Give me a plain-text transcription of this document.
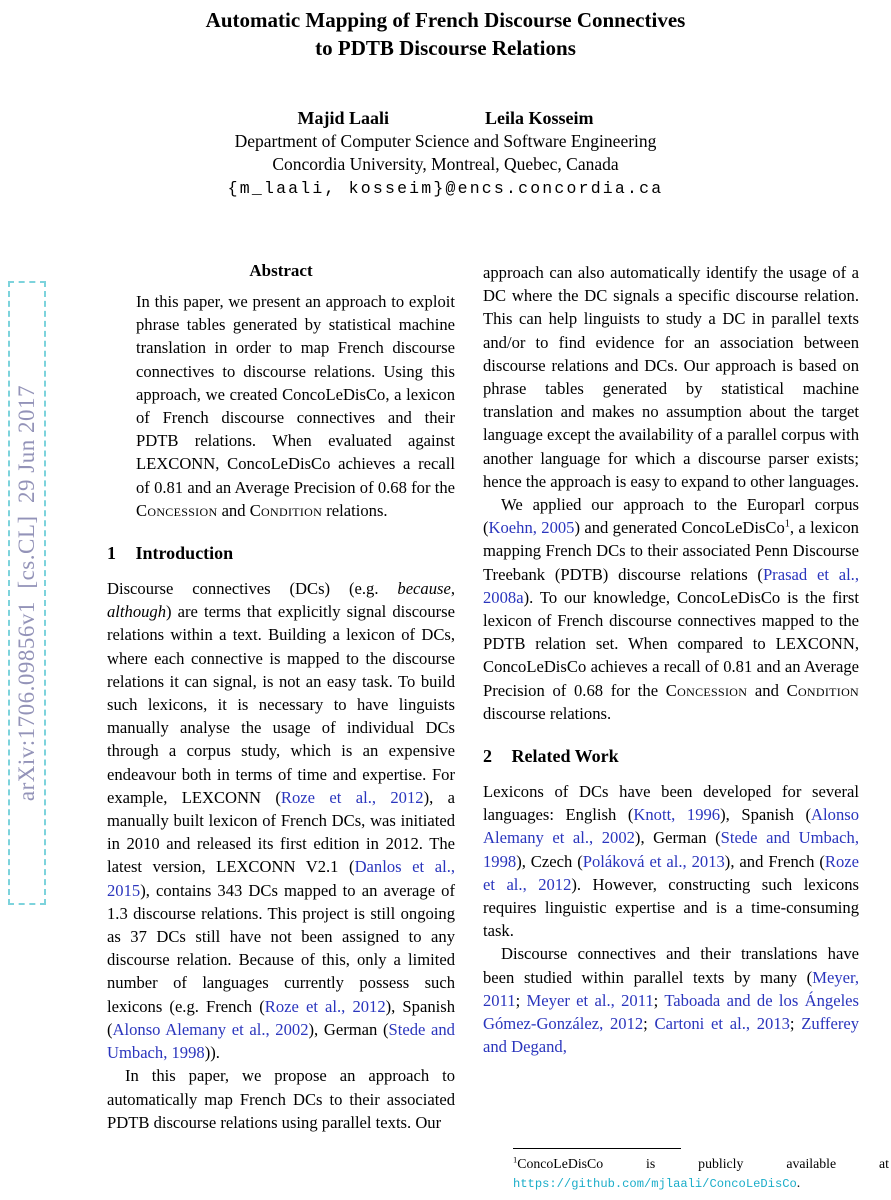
arXiv:1706.09856v1  [cs.CL]  29 Jun 2017
Automatic Mapping of French Discourse Connectives
to PDTB Discourse Relations
Majid Laali	Leila Kosseim
Department of Computer Science and Software Engineering
Concordia University, Montreal, Quebec, Canada
{m_laali, kosseim}@encs.concordia.ca
Abstract

In this paper, we present an approach to exploit phrase tables generated by statistical machine translation in order to map French discourse connectives to discourse relations. Using this approach, we created ConcoLeDisCo, a lexicon of French discourse connectives and their PDTB relations. When evaluated against LEXCONN, ConcoLeDisCo achieves a recall of 0.81 and an Average Precision of 0.68 for the Concession and Condition relations.

1 Introduction

Discourse connectives (DCs) (e.g. because, although) are terms that explicitly signal discourse relations within a text. Building a lexicon of DCs, where each connective is mapped to the discourse relations it can signal, is not an easy task. To build such lexicons, it is necessary to have linguists manually analyse the usage of individual DCs through a corpus study, which is an expensive endeavour both in terms of time and expertise. For example, LEXCONN (Roze et al., 2012), a manually built lexicon of French DCs, was initiated in 2010 and released its first edition in 2012. The latest version, LEXCONN V2.1 (Danlos et al., 2015), contains 343 DCs mapped to an average of 1.3 discourse relations. This project is still ongoing as 37 DCs still have not been assigned to any discourse relation. Because of this, only a limited number of languages currently possess such lexicons (e.g. French (Roze et al., 2012), Spanish (Alonso Alemany et al., 2002), German (Stede and Umbach, 1998)).

In this paper, we propose an approach to automatically map French DCs to their associated PDTB discourse relations using parallel texts. Our

approach can also automatically identify the usage of a DC where the DC signals a specific discourse relation. This can help linguists to study a DC in parallel texts and/or to find evidence for an association between discourse relations and DCs. Our approach is based on phrase tables generated by statistical machine translation and makes no assumption about the target language except the availability of a parallel corpus with another language for which a discourse parser exists; hence the approach is easy to expand to other languages.

We applied our approach to the Europarl corpus (Koehn, 2005) and generated ConcoLeDisCo$^1$, a lexicon mapping French DCs to their associated Penn Discourse Treebank (PDTB) discourse relations (Prasad et al., 2008a). To our knowledge, ConcoLeDisCo is the first lexicon of French discourse connectives mapped to the PDTB relation set. When compared to LEXCONN, ConcoLeDisCo achieves a recall of 0.81 and an Average Precision of 0.68 for the Concession and Condition discourse relations.

2 Related Work

Lexicons of DCs have been developed for several languages: English (Knott, 1996), Spanish (Alonso Alemany et al., 2002), German (Stede and Umbach, 1998), Czech (Poláková et al., 2013), and French (Roze et al., 2012). However, constructing such lexicons requires linguistic expertise and is a time-consuming task.

Discourse connectives and their translations have been studied within parallel texts by many (Meyer, 2011; Meyer et al., 2011; Taboada and de los Ángeles Gómez-González, 2012; Cartoni et al., 2013; Zufferey and Degand,

$^1$ConcoLeDisCo is publicly available at https://github.com/mjlaali/ConcoLeDisCo.
